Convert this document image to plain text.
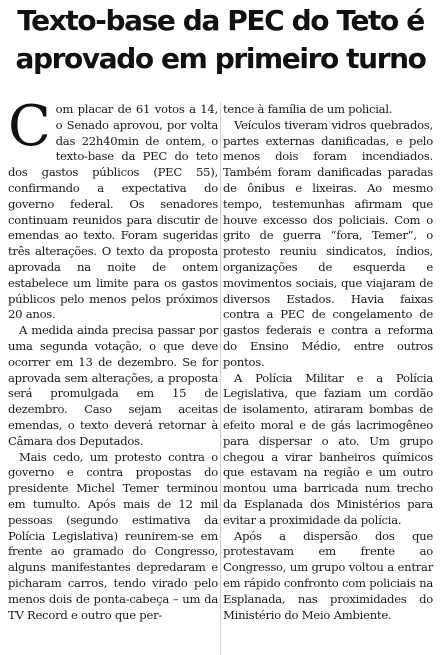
Texto-base da PEC do Teto é aprovado em primeiro turno

Com placar de 61 votos a 14, o Senado aprovou, por volta das 22h40min de ontem, o texto-base da PEC do teto dos gastos públicos (PEC 55), confirmando a expectativa do governo federal. Os senadores continuam reunidos para discutir de emendas ao texto. Foram sugeridas três alterações. O texto da proposta aprovada na noite de ontem estabelece um limite para os gastos públicos pelo menos pelos próximos 20 anos.

A medida ainda precisa passar por uma segunda votação, o que deve ocorrer em 13 de dezembro. Se for aprovada sem alterações, a proposta será promulgada em 15 de dezembro. Caso sejam aceitas emendas, o texto deverá retornar à Câmara dos Deputados.

Mais cedo, um protesto contra o governo e contra propostas do presidente Michel Temer terminou em tumulto. Após mais de 12 mil pessoas (segundo estimativa da Polícia Legislativa) reunirem-se em frente ao gramado do Congresso, alguns manifestantes depredaram e picharam carros, tendo virado pelo menos dois de ponta-cabeça – um da TV Record e outro que per-

tence à família de um policial.

Veículos tiveram vidros quebrados, partes externas danificadas, e pelo menos dois foram incendiados. Também foram danificadas paradas de ônibus e lixeiras. Ao mesmo tempo, testemunhas afirmam que houve excesso dos policiais. Com o grito de guerra “fora, Temer”, o protesto reuniu sindicatos, índios, organizações de esquerda e movimentos sociais, que viajaram de diversos Estados. Havia faixas contra a PEC de congelamento de gastos federais e contra a reforma do Ensino Médio, entre outros pontos.

A Polícia Militar e a Polícia Legislativa, que faziam um cordão de isolamento, atiraram bombas de efeito moral e de gás lacrimogêneo para dispersar o ato. Um grupo chegou a virar banheiros químicos que estavam na região e um outro montou uma barricada num trecho da Esplanada dos Ministérios para evitar a proximidade da polícia.

Após a dispersão dos que protestavam em frente ao Congresso, um grupo voltou a entrar em rápido confronto com policiais na Esplanada, nas proximidades do Ministério do Meio Ambiente.
